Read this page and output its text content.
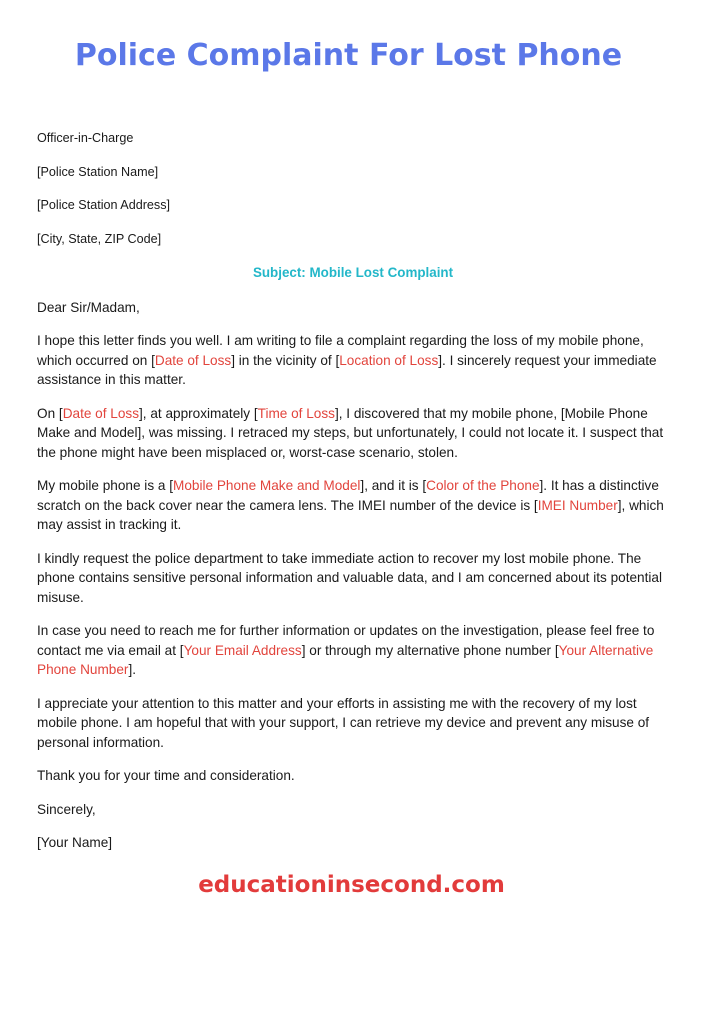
Police Complaint For Lost Phone

Officer-in-Charge

[Police Station Name]

[Police Station Address]

[City, State, ZIP Code]

Subject: Mobile Lost Complaint

Dear Sir/Madam,

I hope this letter finds you well. I am writing to file a complaint regarding the loss of my mobile phone, which occurred on [Date of Loss] in the vicinity of [Location of Loss]. I sincerely request your immediate assistance in this matter.

On [Date of Loss], at approximately [Time of Loss], I discovered that my mobile phone, [Mobile Phone Make and Model], was missing. I retraced my steps, but unfortunately, I could not locate it. I suspect that the phone might have been misplaced or, worst-case scenario, stolen.

My mobile phone is a [Mobile Phone Make and Model], and it is [Color of the Phone]. It has a distinctive scratch on the back cover near the camera lens. The IMEI number of the device is [IMEI Number], which may assist in tracking it.

I kindly request the police department to take immediate action to recover my lost mobile phone. The phone contains sensitive personal information and valuable data, and I am concerned about its potential misuse.

In case you need to reach me for further information or updates on the investigation, please feel free to contact me via email at [Your Email Address] or through my alternative phone number [Your Alternative Phone Number].

I appreciate your attention to this matter and your efforts in assisting me with the recovery of my lost mobile phone. I am hopeful that with your support, I can retrieve my device and prevent any misuse of personal information.

Thank you for your time and consideration.

Sincerely,

[Your Name]

educationinsecond.com
